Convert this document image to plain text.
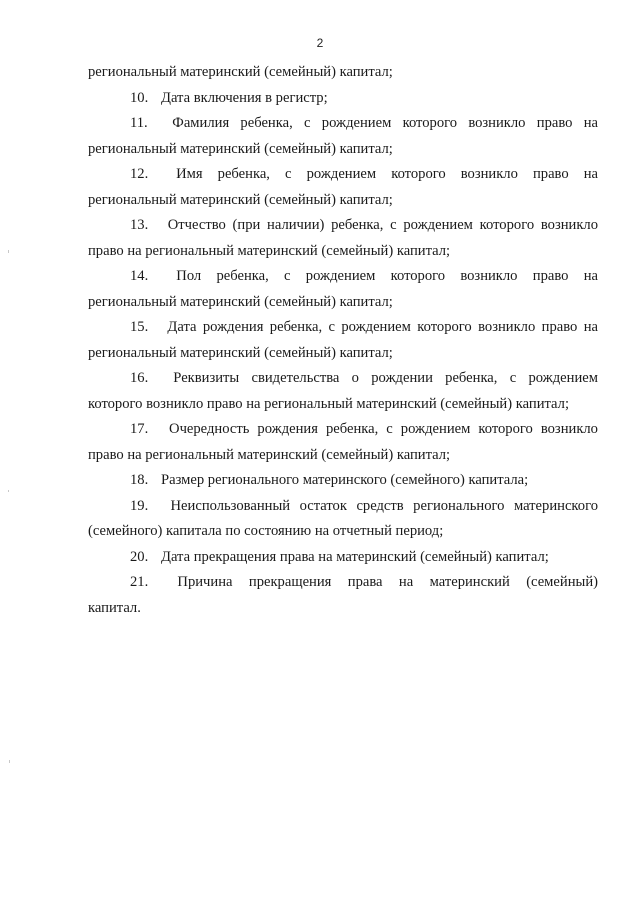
2
региональный материнский (семейный) капитал;
10. Дата включения в регистр;
11. Фамилия ребенка, с рождением которого возникло право на
региональный материнский (семейный) капитал;
12. Имя ребенка, с рождением которого возникло право на
региональный материнский (семейный) капитал;
13. Отчество (при наличии) ребенка, с рождением которого возникло
право на региональный материнский (семейный) капитал;
14. Пол ребенка, с рождением которого возникло право на
региональный материнский (семейный) капитал;
15. Дата рождения ребенка, с рождением которого возникло право на
региональный материнский (семейный) капитал;
16. Реквизиты свидетельства о рождении ребенка, с рождением
которого возникло право на региональный материнский (семейный) капитал;
17. Очередность рождения ребенка, с рождением которого возникло
право на региональный материнский (семейный) капитал;
18. Размер регионального материнского (семейного) капитала;
19. Неиспользованный остаток средств регионального материнского
(семейного) капитала по состоянию на отчетный период;
20. Дата прекращения права на материнский (семейный) капитал;
21. Причина прекращения права на материнский (семейный)
капитал.
